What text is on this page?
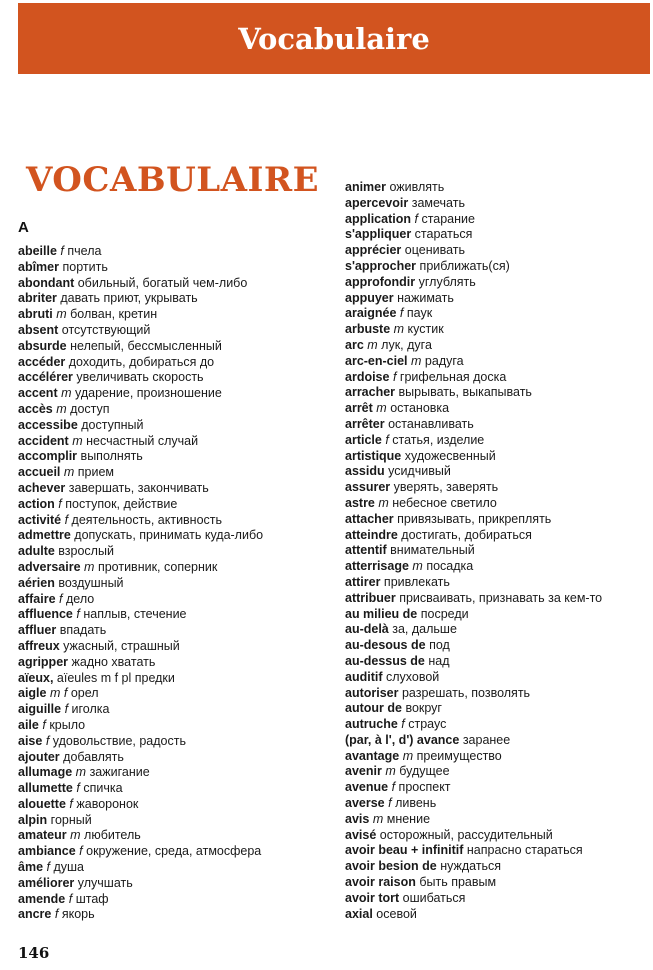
Vocabulaire
VOCABULAIRE
A
abeille f пчела
abîmer портить
abondant обильный, богатый чем-либо
abriter давать приют, укрывать
abruti m болван, кретин
absent отсутствующий
absurde нелепый, бессмысленный
accéder доходить, добираться до
accélérer увеличивать скорость
accent m ударение, произношение
accès m доступ
accessibe доступный
accident m несчастный случай
accomplir выполнять
accueil m прием
achever завершать, закончивать
action f поступок, действие
activité f деятельность, активность
admettre допускать, принимать куда-либо
adulte взрослый
adversaire m противник, соперник
aérien воздушный
affaire f дело
affluence f наплыв, стечение
affluer впадать
affreux ужасный, страшный
agripper жадно хватать
aïeux, aïeules m f pl предки
aigle m f орел
aiguille f иголка
aile f крыло
aise f удовольствие, радость
ajouter добавлять
allumage m зажигание
allumette f спичка
alouette f жаворонок
alpin горный
amateur m любитель
ambiance f окружение, среда, атмосфера
âme f душа
améliorer улучшать
amende f штаф
ancre f якорь
animer оживлять
apercevoir замечать
application f старание
s'appliquer стараться
apprécier оценивать
s'approcher приближать(ся)
approfondir углублять
appuyer нажимать
araignée f паук
arbuste m кустик
arc m лук, дуга
arc-en-ciel m радуга
ardoise f грифельная доска
arracher вырывать, выкапывать
arrêt m остановка
arrêter останавливать
article f статья, изделие
artistique художесвенный
assidu усидчивый
assurer уверять, заверять
astre m небесное светило
attacher привязывать, прикреплять
atteindre достигать, добираться
attentif внимательный
atterrisage m посадка
attirer привлекать
attribuer присваивать, признавать за кем-то
au milieu de посреди
au-delà за, дальше
au-desous de под
au-dessus de над
auditif слуховой
autoriser разрешать, позволять
autour de вокруг
autruche f страус
(par, à l', d') avance заранее
avantage m преимущество
avenir m будущее
avenue f проспект
averse f ливень
avis m мнение
avisé осторожный, рассудительный
avoir beau + infinitif напрасно стараться
avoir besion de нуждаться
avoir raison быть правым
avoir tort ошибаться
axial осевой
146
